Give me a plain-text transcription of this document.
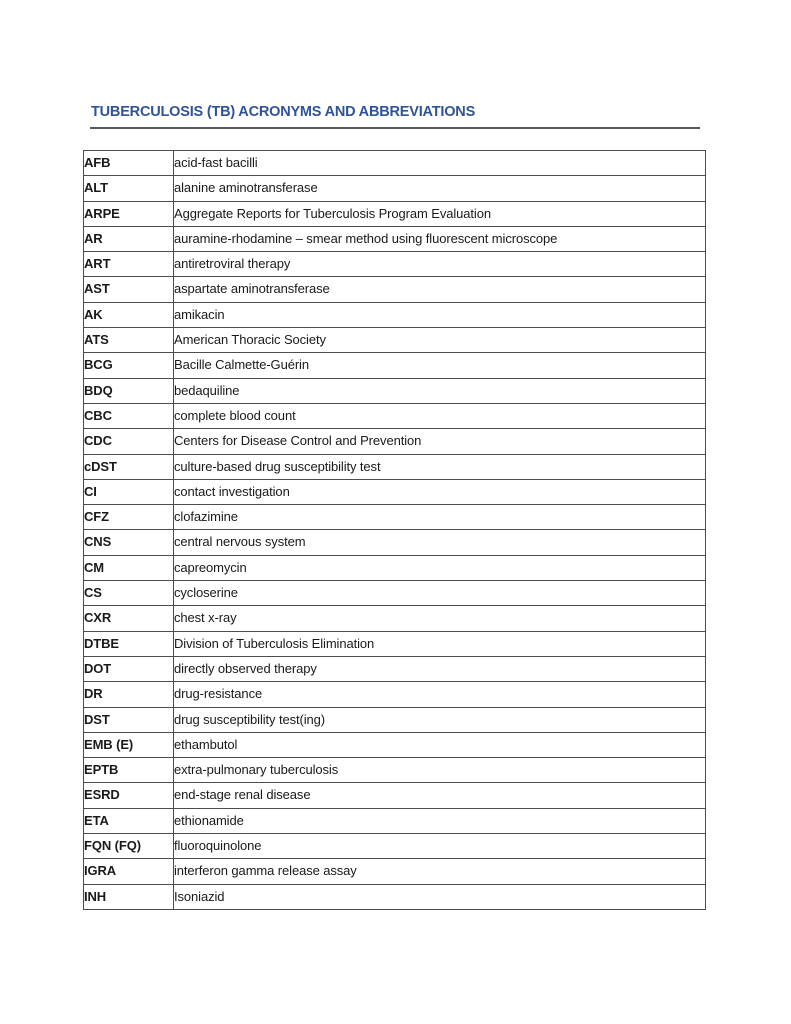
TUBERCULOSIS (TB) ACRONYMS AND ABBREVIATIONS
AFB	acid-fast bacilli
ALT	alanine aminotransferase
ARPE	Aggregate Reports for Tuberculosis Program Evaluation
AR	auramine-rhodamine – smear method using fluorescent microscope
ART	antiretroviral therapy
AST	aspartate aminotransferase
AK	amikacin
ATS	American Thoracic Society
BCG	Bacille Calmette-Guérin
BDQ	bedaquiline
CBC	complete blood count
CDC	Centers for Disease Control and Prevention
cDST	culture-based drug susceptibility test
CI	contact investigation
CFZ	clofazimine
CNS	central nervous system
CM	capreomycin
CS	cycloserine
CXR	chest x-ray
DTBE	Division of Tuberculosis Elimination
DOT	directly observed therapy
DR	drug-resistance
DST	drug susceptibility test(ing)
EMB (E)	ethambutol
EPTB	extra-pulmonary tuberculosis
ESRD	end-stage renal disease
ETA	ethionamide
FQN (FQ)	fluoroquinolone
IGRA	interferon gamma release assay
INH	Isoniazid
